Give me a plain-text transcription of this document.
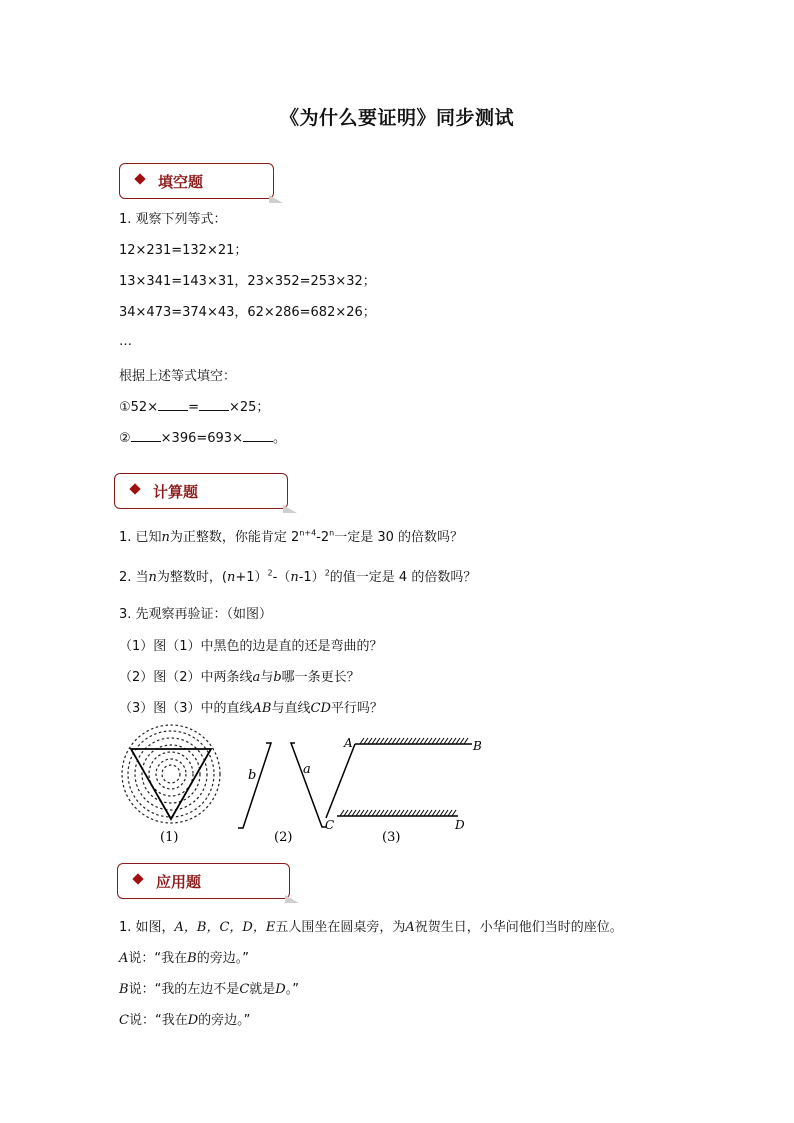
《为什么要证明》同步测试
填空题
1. 观察下列等式：
12×231=132×21；
13×341=143×31，23×352=253×32；
34×473=374×43，62×286=682×26；
…
根据上述等式填空：
①52× = ×25；
② ×396=693× 。
计算题
1. 已知n为正整数，你能肯定 $2^{n+4}-2^n$一定是 30 的倍数吗？
2. 当n为整数时，$(n+1)^2-(n-1)^2$的值一定是 4 的倍数吗？
3. 先观察再验证：（如图）
（1）图（1）中黑色的边是直的还是弯曲的？
（2）图（2）中两条线a与b哪一条更长？
（3）图（3）中的直线AB与直线CD平行吗？
(1)
b	a
(2)
A	B
C	D
(3)
应用题
1. 如图，A，B，C，D，E五人围坐在圆桌旁，为A祝贺生日，小华问他们当时的座位。
A说：“我在B的旁边。”
B说：“我的左边不是C就是D。”
C说：“我在D的旁边。”
